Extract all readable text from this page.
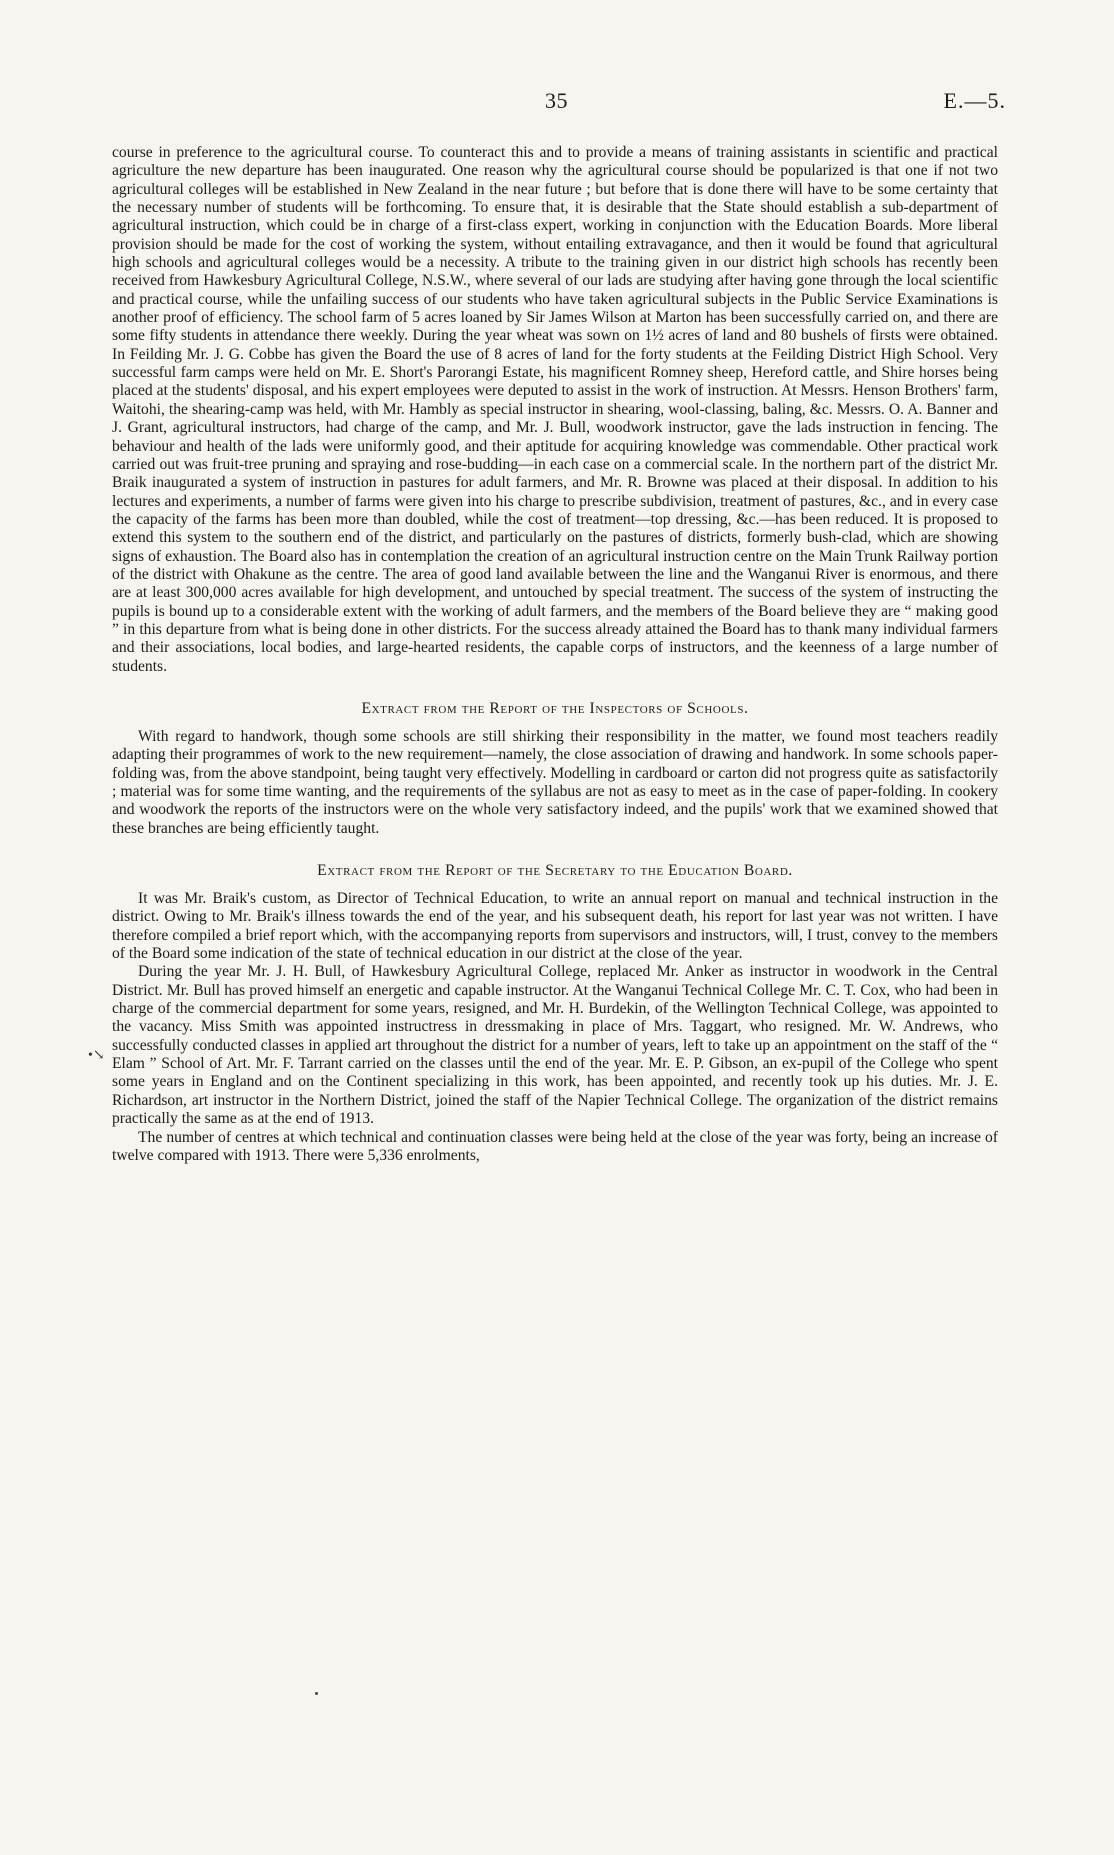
35	E.—5.
•↘

course in preference to the agricultural course. To counteract this and to provide a means of training assistants in scientific and practical agriculture the new departure has been inaugurated. One reason why the agricultural course should be popularized is that one if not two agricultural colleges will be established in New Zealand in the near future ; but before that is done there will have to be some certainty that the necessary number of students will be forthcoming. To ensure that, it is desirable that the State should establish a sub-department of agricultural instruction, which could be in charge of a first-class expert, working in conjunction with the Education Boards. More liberal provision should be made for the cost of working the system, without entailing extravagance, and then it would be found that agricultural high schools and agricultural colleges would be a necessity. A tribute to the training given in our district high schools has recently been received from Hawkesbury Agricultural College, N.S.W., where several of our lads are studying after having gone through the local scientific and practical course, while the unfailing success of our students who have taken agricultural subjects in the Public Service Examinations is another proof of efficiency. The school farm of 5 acres loaned by Sir James Wilson at Marton has been successfully carried on, and there are some fifty students in attendance there weekly. During the year wheat was sown on 1½ acres of land and 80 bushels of firsts were obtained. In Feilding Mr. J. G. Cobbe has given the Board the use of 8 acres of land for the forty students at the Feilding District High School. Very successful farm camps were held on Mr. E. Short's Parorangi Estate, his magnificent Romney sheep, Hereford cattle, and Shire horses being placed at the students' disposal, and his expert employees were deputed to assist in the work of instruction. At Messrs. Henson Brothers' farm, Waitohi, the shearing-camp was held, with Mr. Hambly as special instructor in shearing, wool-classing, baling, &c. Messrs. O. A. Banner and J. Grant, agricultural instructors, had charge of the camp, and Mr. J. Bull, woodwork instructor, gave the lads instruction in fencing. The behaviour and health of the lads were uniformly good, and their aptitude for acquiring knowledge was commendable. Other practical work carried out was fruit-tree pruning and spraying and rose-budding—in each case on a commercial scale. In the northern part of the district Mr. Braik inaugurated a system of instruction in pastures for adult farmers, and Mr. R. Browne was placed at their disposal. In addition to his lectures and experiments, a number of farms were given into his charge to prescribe subdivision, treatment of pastures, &c., and in every case the capacity of the farms has been more than doubled, while the cost of treatment—top dressing, &c.—has been reduced. It is proposed to extend this system to the southern end of the district, and particularly on the pastures of districts, formerly bush-clad, which are showing signs of exhaustion. The Board also has in contemplation the creation of an agricultural instruction centre on the Main Trunk Railway portion of the district with Ohakune as the centre. The area of good land available between the line and the Wanganui River is enormous, and there are at least 300,000 acres available for high development, and untouched by special treatment. The success of the system of instructing the pupils is bound up to a considerable extent with the working of adult farmers, and the members of the Board believe they are “ making good ” in this departure from what is being done in other districts. For the success already attained the Board has to thank many individual farmers and their associations, local bodies, and large-hearted residents, the capable corps of instructors, and the keenness of a large number of students.

Extract from the Report of the Inspectors of Schools.

With regard to handwork, though some schools are still shirking their responsibility in the matter, we found most teachers readily adapting their programmes of work to the new requirement—namely, the close association of drawing and handwork. In some schools paper-folding was, from the above standpoint, being taught very effectively. Modelling in cardboard or carton did not progress quite as satisfactorily ; material was for some time wanting, and the requirements of the syllabus are not as easy to meet as in the case of paper-folding. In cookery and woodwork the reports of the instructors were on the whole very satisfactory indeed, and the pupils' work that we examined showed that these branches are being efficiently taught.

Extract from the Report of the Secretary to the Education Board.

It was Mr. Braik's custom, as Director of Technical Education, to write an annual report on manual and technical instruction in the district. Owing to Mr. Braik's illness towards the end of the year, and his subsequent death, his report for last year was not written. I have therefore compiled a brief report which, with the accompanying reports from supervisors and instructors, will, I trust, convey to the members of the Board some indication of the state of technical education in our district at the close of the year.

During the year Mr. J. H. Bull, of Hawkesbury Agricultural College, replaced Mr. Anker as instructor in woodwork in the Central District. Mr. Bull has proved himself an energetic and capable instructor. At the Wanganui Technical College Mr. C. T. Cox, who had been in charge of the commercial department for some years, resigned, and Mr. H. Burdekin, of the Wellington Technical College, was appointed to the vacancy. Miss Smith was appointed instructress in dressmaking in place of Mrs. Taggart, who resigned. Mr. W. Andrews, who successfully conducted classes in applied art throughout the district for a number of years, left to take up an appointment on the staff of the “ Elam ” School of Art. Mr. F. Tarrant carried on the classes until the end of the year. Mr. E. P. Gibson, an ex-pupil of the College who spent some years in England and on the Continent specializing in this work, has been appointed, and recently took up his duties. Mr. J. E. Richardson, art instructor in the Northern District, joined the staff of the Napier Technical College. The organization of the district remains practically the same as at the end of 1913.

The number of centres at which technical and continuation classes were being held at the close of the year was forty, being an increase of twelve compared with 1913. There were 5,336 enrolments,
